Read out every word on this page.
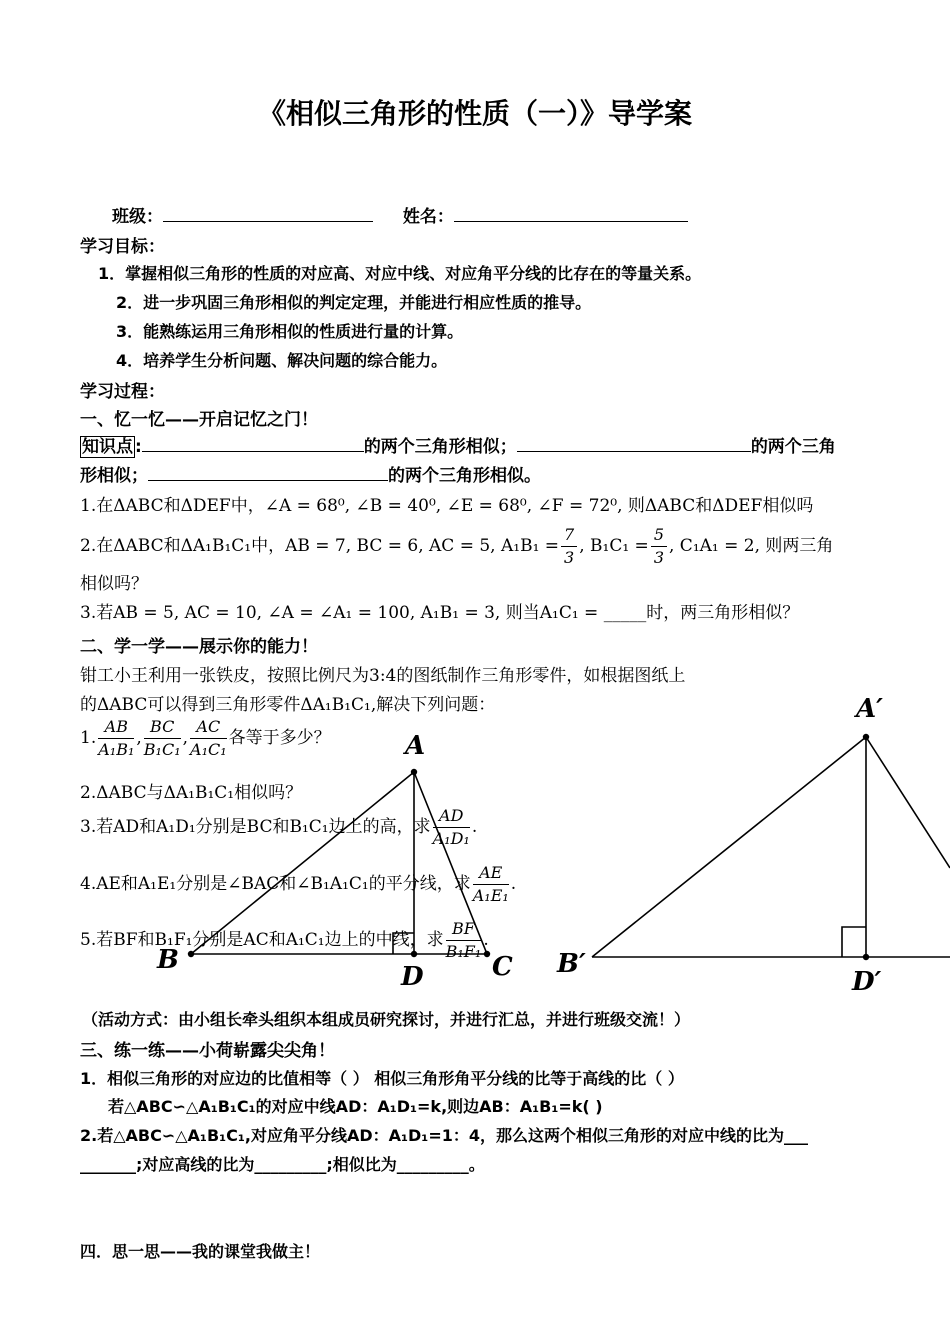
《相似三角形的性质（一）》导学案
班级：	姓名：
学习目标：
1．掌握相似三角形的性质的对应高、对应中线、对应角平分线的比存在的等量关系。
2．进一步巩固三角形相似的判定定理，并能进行相应性质的推导。
3．能熟练运用三角形相似的性质进行量的计算。
4．培养学生分析问题、解决问题的综合能力。
学习过程：
一、忆一忆——开启记忆之门！
知识点 :	的两个三角形相似；	的两个三角
形相似；	的两个三角形相似。
1.在ΔABC和ΔDEF中，∠A = 68⁰, ∠B = 40⁰, ∠E = 68⁰, ∠F = 72⁰, 则ΔABC和ΔDEF相似吗
2.在ΔABC和ΔA₁B₁C₁中，AB = 7, BC = 6, AC = 5, $A_1B_1 = \frac{7}{3}$ , $B_1C_1 = \frac{5}{3}$ , C₁A₁ = 2, 则两三角
相似吗？
3.若AB = 5, AC = 10, ∠A = ∠A₁ = 100, A₁B₁ = 3, 则当A₁C₁ = _____时，两三角形相似？
二、学一学——展示你的能力！
钳工小王利用一张铁皮，按照比例尺为3:4的图纸制作三角形零件，如根据图纸上
的ΔABC可以得到三角形零件ΔA₁B₁C₁,解决下列问题：
A
B
D	C
A′
B′
D′
1. $\frac{AB}{\text{A₁B₁}}$ , $\frac{BC}{\text{B₁C₁}}$ , $\frac{AC}{\text{A₁C₁}}$ 各等于多少？
2.ΔABC与ΔA₁B₁C₁相似吗？
3.若AD和A₁D₁分别是BC和B₁C₁边上的高，求 $\frac{AD}{\text{A₁D₁}}$ .
4.AE和A₁E₁分别是∠BAC和∠B₁A₁C₁的平分线，求 $\frac{AE}{\text{A₁E₁}}$ .
5.若BF和B₁F₁分别是AC和A₁C₁边上的中线，求 $\frac{BF}{\text{B₁F₁}}$ .
（活动方式：由小组长牵头组织本组成员研究探讨，并进行汇总，并进行班级交流！）
三、练一练——小荷崭露尖尖角！
1．相似三角形的对应边的比值相等（ ） 相似三角形角平分线的比等于高线的比（ ）
若△ABC∽△A₁B₁C₁的对应中线AD：A₁D₁=k,则边AB：A₁B₁=k( )
2.若△ABC∽△A₁B₁C₁,对应角平分线AD：A₁D₁=1：4，那么这两个相似三角形的对应中线的比为___
_______;对应高线的比为_________;相似比为_________。
四．思一思——我的课堂我做主！
